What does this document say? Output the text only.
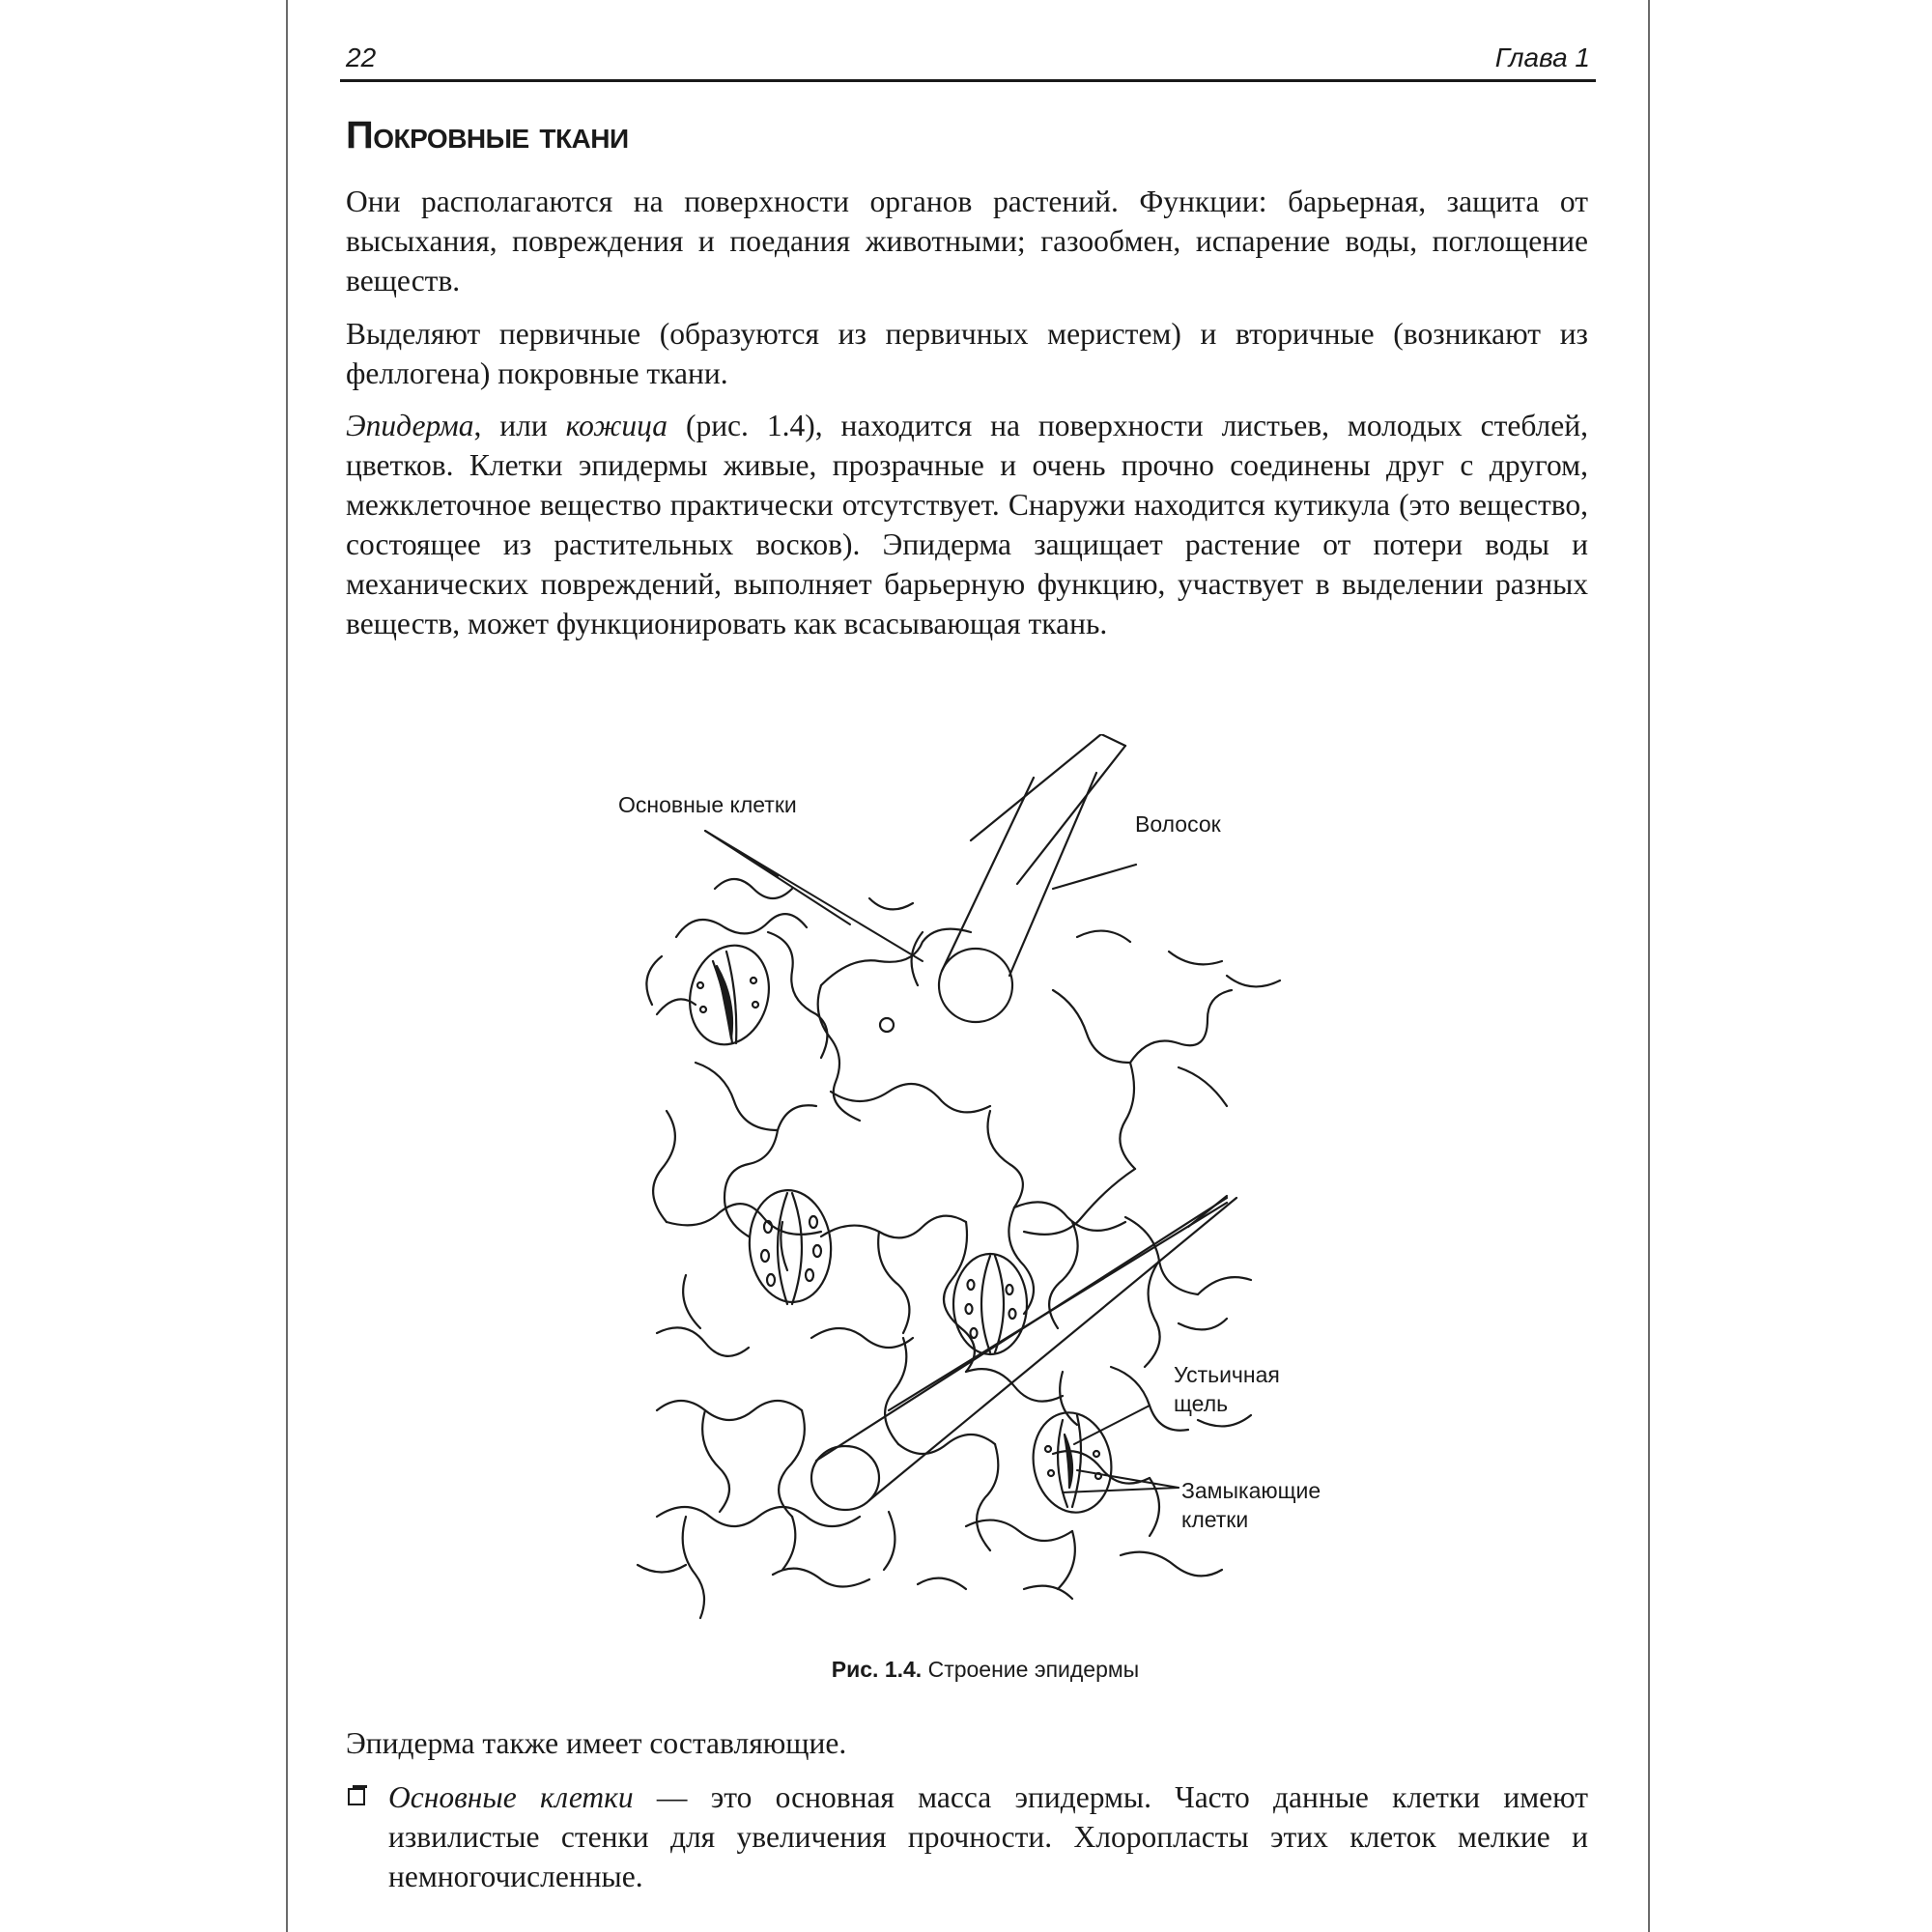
22	Глава 1
Покровные ткани

Они располагаются на поверхности органов растений. Функции: барьерная, защита от высыхания, повреждения и поедания животными; газообмен, испарение воды, поглощение веществ.

Выделяют первичные (образуются из первичных меристем) и вторичные (возникают из феллогена) покровные ткани.

Эпидерма, или кожица (рис. 1.4), находится на поверхности листьев, молодых стеблей, цветков. Клетки эпидермы живые, прозрачные и очень прочно соединены друг с другом, межклеточное вещество практически отсутствует. Снаружи находится кутикула (это вещество, состоящее из растительных восков). Эпидерма защищает растение от потери воды и механических повреждений, выполняет барьерную функцию, участвует в выделении разных веществ, может функционировать как всасывающая ткань.

Основные клетки
Волосок
Устьичная
щель
Замыкающие
клетки
Рис. 1.4. Строение эпидермы

Эпидерма также имеет составляющие.

Основные клетки — это основная масса эпидермы. Часто данные клетки имеют извилистые стенки для увеличения прочности. Хлоропласты этих клеток мелкие и немногочисленные.
